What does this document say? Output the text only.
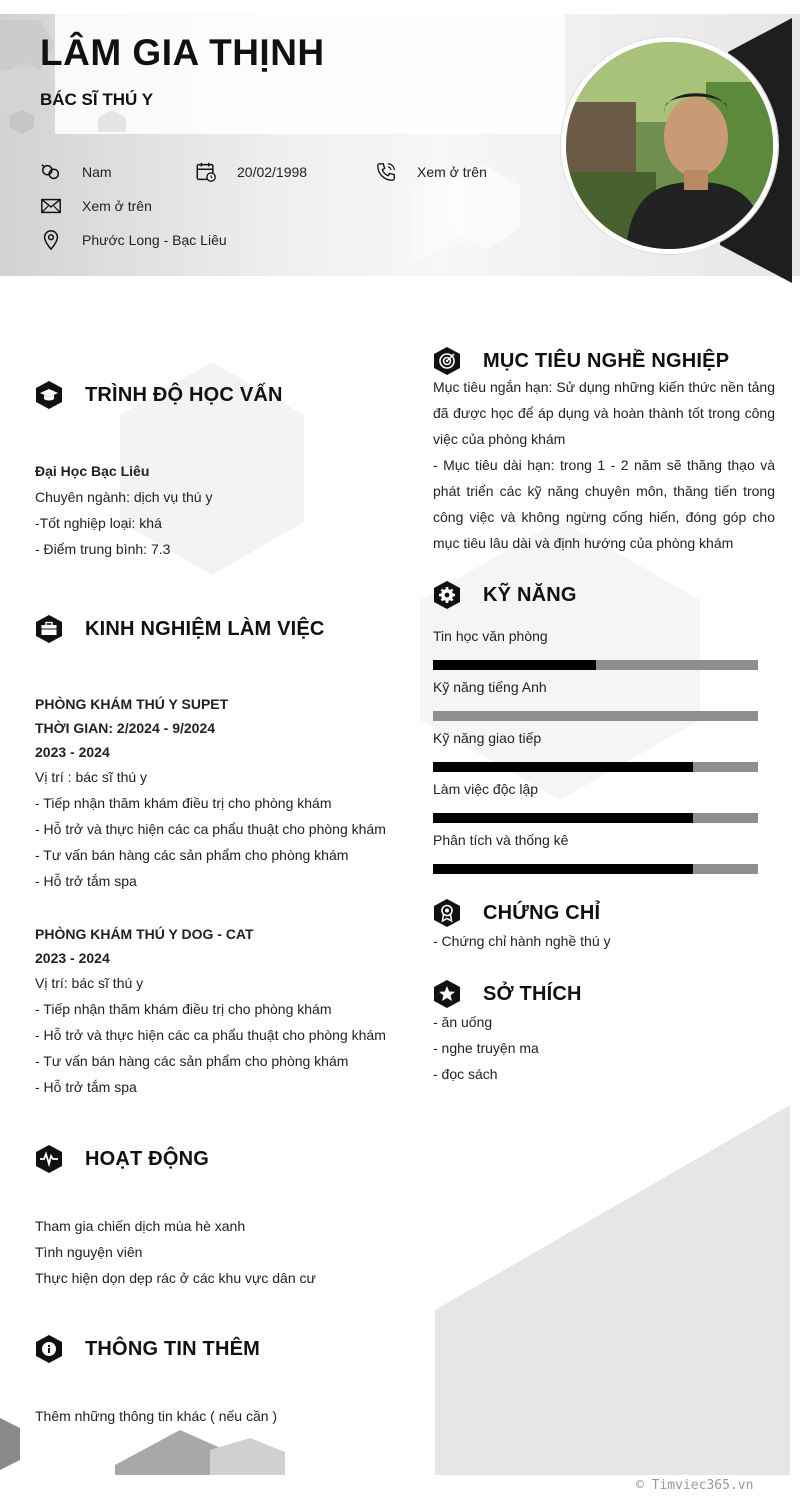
LÂM GIA THỊNH
BÁC SĨ THÚ Y
Nam	20/02/1998	Xem ở trên
Xem ở trên
Phước Long - Bạc Liêu
TRÌNH ĐỘ HỌC VẤN
Đại Học Bạc Liêu
Chuyên ngành: dịch vụ thú y
-Tốt nghiệp loại: khá
- Điểm trung bình: 7.3
KINH NGHIỆM LÀM VIỆC
PHÒNG KHÁM THÚ Y SUPET
THỜI GIAN: 2/2024 - 9/2024
2023 - 2024
Vị trí : bác sĩ thú y
- Tiếp nhận thăm khám điều trị cho phòng khám
- Hỗ trở và thực hiện các ca phẩu thuật cho phòng khám
- Tư vấn bán hàng các sản phẩm cho phòng khám
- Hỗ trở tắm spa
PHÒNG KHÁM THÚ Y DOG - CAT
2023 - 2024
Vị trí: bác sĩ thú y
- Tiếp nhận thăm khám điều trị cho phòng khám
- Hỗ trở và thực hiện các ca phẩu thuật cho phòng khám
- Tư vấn bán hàng các sản phẩm cho phòng khám
- Hỗ trở tắm spa
HOẠT ĐỘNG
Tham gia chiến dịch mùa hè xanh
Tình nguyện viên
Thực hiện dọn dẹp rác ở các khu vực dân cư
THÔNG TIN THÊM
Thêm những thông tin khác ( nếu cần )
MỤC TIÊU NGHỀ NGHIỆP
Mục tiêu ngắn hạn: Sử dụng những kiến thức nền tảng đã được học để áp dụng và hoàn thành tốt trong công việc của phòng khám
- Mục tiêu dài hạn: trong 1 - 2 năm sẽ thăng thạo và phát triển các kỹ năng chuyên môn, thăng tiến trong công việc và không ngừng cống hiến, đóng góp cho mục tiêu lâu dài và định hướng của phòng khám
KỸ NĂNG
Tin học văn phòng
Kỹ năng tiếng Anh
Kỹ năng giao tiếp
Làm việc độc lập
Phân tích và thống kê
CHỨNG CHỈ
- Chứng chỉ hành nghề thú y
SỞ THÍCH
- ăn uống
- nghe truyện ma
- đọc sách
© Timviec365.vn
